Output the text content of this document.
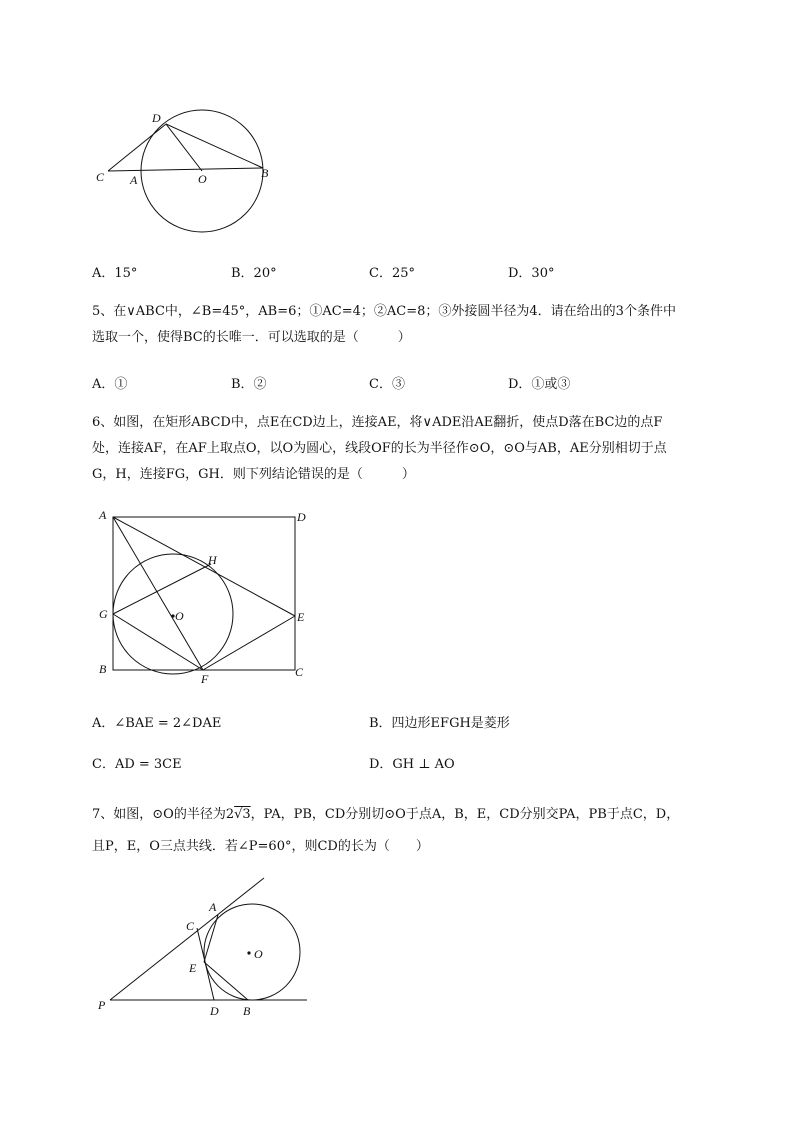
D
C A	O	B
A．15°	B．20°	C．25°	D．30°
5、在∨ABC中，∠B=45°，AB=6；①AC=4；②AC=8；③外接圆半径为4．请在给出的3个条件中
选取一个，使得BC的长唯一．可以选取的是（　　　）
A．①	B．②	C．③	D．①或③
6、如图，在矩形ABCD中，点E在CD边上，连接AE，将∨ADE沿AE翻折，使点D落在BC边的点F
处，连接AF，在AF上取点O，以O为圆心，线段OF的长为半径作⊙O，⊙O与AB，AE分别相切于点
G，H，连接FG，GH．则下列结论错误的是（　　　）
A	D
H
G	O	E
B
F	C
A．∠BAE = 2∠DAE	B．四边形EFGH是菱形
C．AD = 3CE	D．GH ⊥ AO
7、如图，⊙O的半径为2√3，PA，PB，CD分别切⊙O于点A，B，E，CD分别交PA，PB于点C，D，
且P，E，O三点共线．若∠P=60°，则CD的长为（　　）
A
C
O
E
P	D B
